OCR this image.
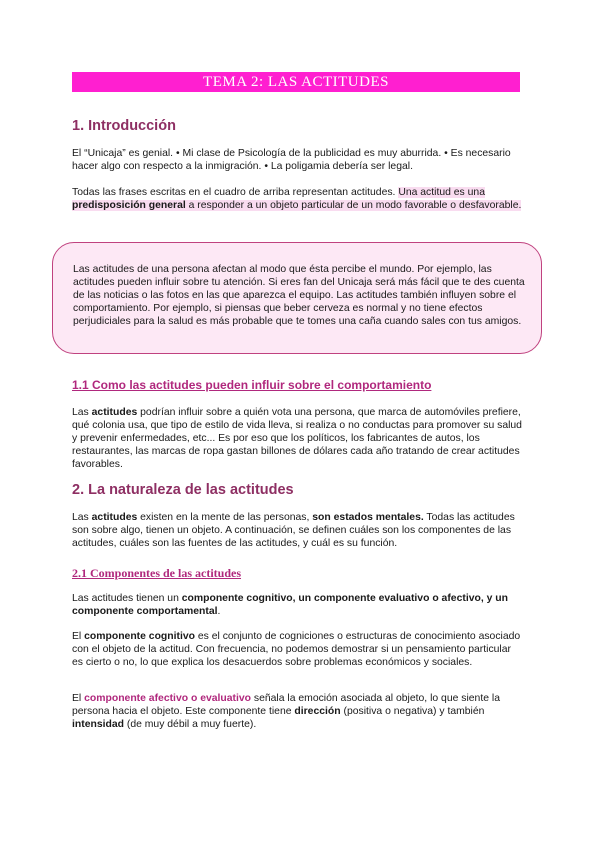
TEMA 2: LAS ACTITUDES
1. Introducción

El “Unicaja” es genial. • Mi clase de Psicología de la publicidad es muy aburrida. • Es necesario hacer algo con respecto a la inmigración. • La poligamia debería ser legal.

Todas las frases escritas en el cuadro de arriba representan actitudes. Una actitud es una predisposición general a responder a un objeto particular de un modo favorable o desfavorable.

Las actitudes de una persona afectan al modo que ésta percibe el mundo. Por ejemplo, las actitudes pueden influir sobre tu atención. Si eres fan del Unicaja será más fácil que te des cuenta de las noticias o las fotos en las que aparezca el equipo. Las actitudes también influyen sobre el comportamiento. Por ejemplo, si piensas que beber cerveza es normal y no tiene efectos perjudiciales para la salud es más probable que te tomes una caña cuando sales con tus amigos.

1.1 Como las actitudes pueden influir sobre el comportamiento

Las actitudes podrían influir sobre a quién vota una persona, que marca de automóviles prefiere, qué colonia usa, que tipo de estilo de vida lleva, si realiza o no conductas para promover su salud y prevenir enfermedades, etc... Es por eso que los políticos, los fabricantes de autos, los restaurantes, las marcas de ropa gastan billones de dólares cada año tratando de crear actitudes favorables.

2. La naturaleza de las actitudes

Las actitudes existen en la mente de las personas, son estados mentales. Todas las actitudes son sobre algo, tienen un objeto. A continuación, se definen cuáles son los componentes de las actitudes, cuáles son las fuentes de las actitudes, y cuál es su función.

2.1 Componentes de las actitudes

Las actitudes tienen un componente cognitivo, un componente evaluativo o afectivo, y un componente comportamental.

El componente cognitivo es el conjunto de cogniciones o estructuras de conocimiento asociado con el objeto de la actitud. Con frecuencia, no podemos demostrar si un pensamiento particular es cierto o no, lo que explica los desacuerdos sobre problemas económicos y sociales.

El componente afectivo o evaluativo señala la emoción asociada al objeto, lo que siente la persona hacia el objeto. Este componente tiene dirección (positiva o negativa) y también intensidad (de muy débil a muy fuerte).
